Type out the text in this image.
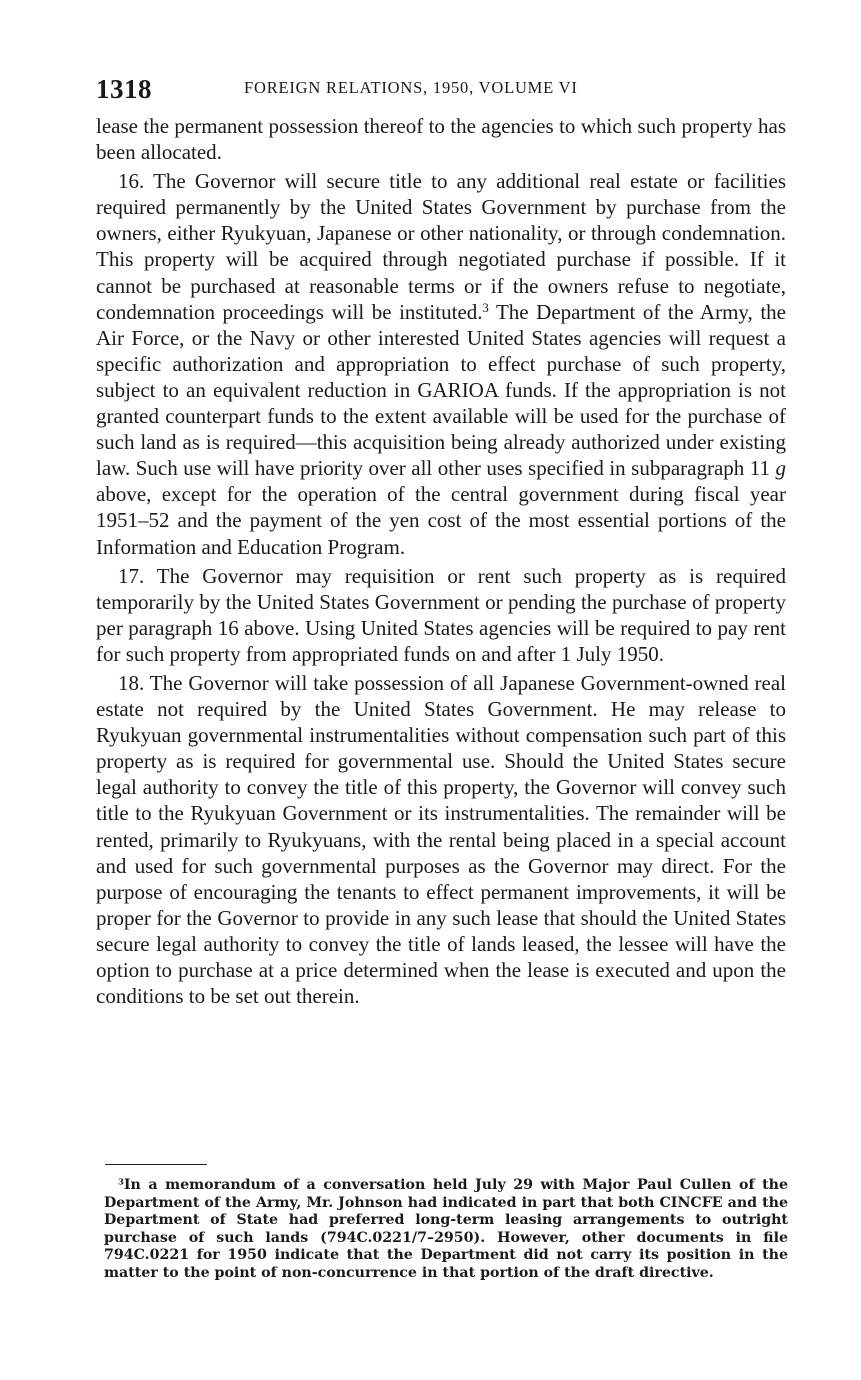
1318	FOREIGN RELATIONS, 1950, VOLUME VI

lease the permanent possession thereof to the agencies to which such property has been allocated.

16. The Governor will secure title to any additional real estate or facilities required permanently by the United States Government by purchase from the owners, either Ryukyuan, Japanese or other nationality, or through condemnation. This property will be acquired through negotiated purchase if possible. If it cannot be purchased at reasonable terms or if the owners refuse to negotiate, condemnation proceedings will be instituted.$^3$ The Department of the Army, the Air Force, or the Navy or other interested United States agencies will request a specific authorization and appropriation to effect purchase of such property, subject to an equivalent reduction in GARIOA funds. If the appropriation is not granted counterpart funds to the extent available will be used for the purchase of such land as is required—this acquisition being already authorized under existing law. Such use will have priority over all other uses specified in subparagraph 11 g above, except for the operation of the central government during fiscal year 1951–52 and the payment of the yen cost of the most essential portions of the Information and Education Program.

17. The Governor may requisition or rent such property as is required temporarily by the United States Government or pending the purchase of property per paragraph 16 above. Using United States agencies will be required to pay rent for such property from appropriated funds on and after 1 July 1950.

18. The Governor will take possession of all Japanese Government-owned real estate not required by the United States Government. He may release to Ryukyuan governmental instrumentalities without compensation such part of this property as is required for governmental use. Should the United States secure legal authority to convey the title of this property, the Governor will convey such title to the Ryukyuan Government or its instrumentalities. The remainder will be rented, primarily to Ryukyuans, with the rental being placed in a special account and used for such governmental purposes as the Governor may direct. For the purpose of encouraging the tenants to effect permanent improvements, it will be proper for the Governor to provide in any such lease that should the United States secure legal authority to convey the title of lands leased, the lessee will have the option to purchase at a price determined when the lease is executed and upon the conditions to be set out therein.

$^3$In a memorandum of a conversation held July 29 with Major Paul Cullen of the Department of the Army, Mr. Johnson had indicated in part that both CINCFE and the Department of State had preferred long-term leasing arrangements to outright purchase of such lands (794C.0221/7–2950). However, other documents in file 794C.0221 for 1950 indicate that the Department did not carry its position in the matter to the point of non-concurrence in that portion of the draft directive.
